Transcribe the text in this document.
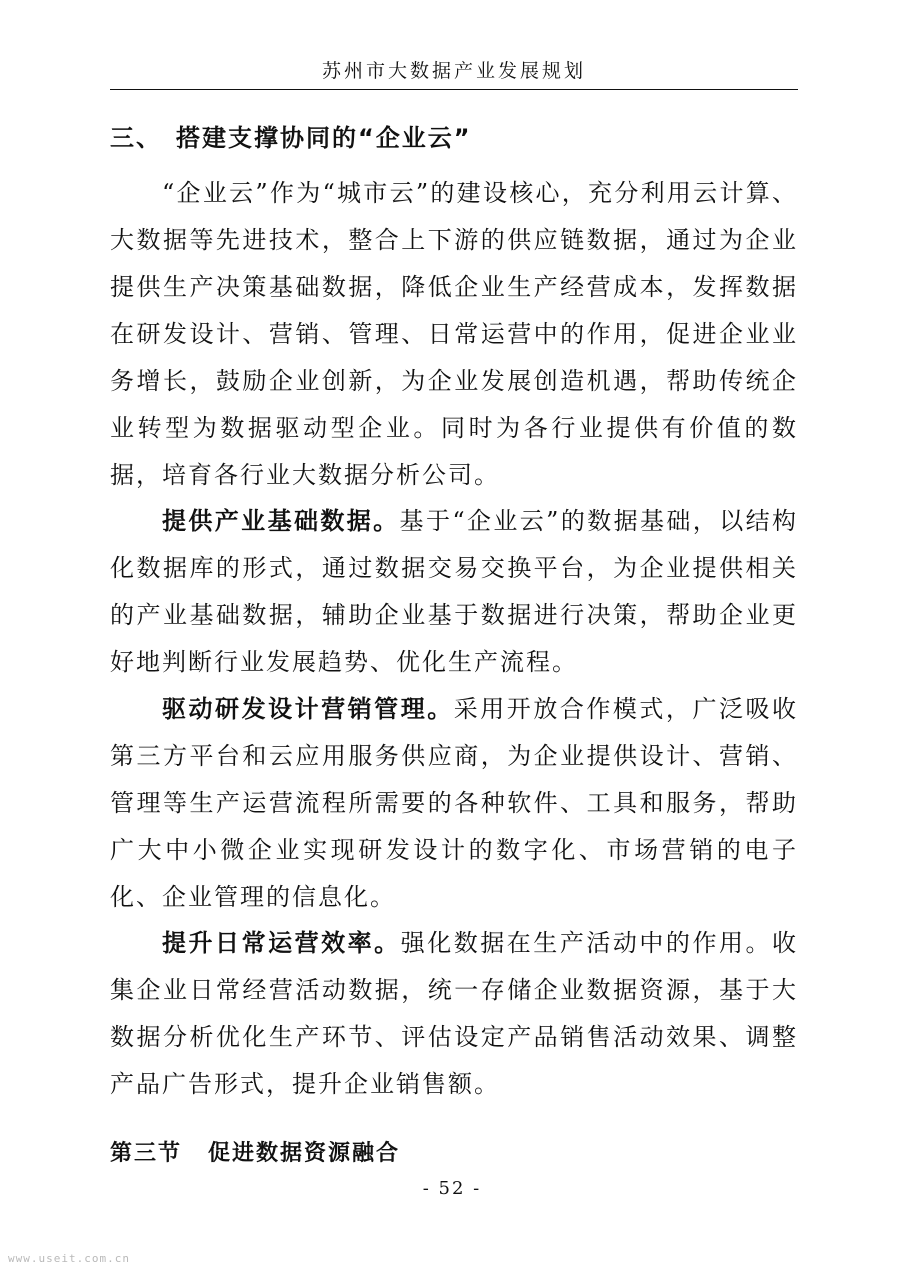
苏州市大数据产业发展规划
三、 搭建支撑协同的“企业云”

“企业云”作为“城市云”的建设核心，充分利用云计算、大数据等先进技术，整合上下游的供应链数据，通过为企业提供生产决策基础数据，降低企业生产经营成本，发挥数据在研发设计、营销、管理、日常运营中的作用，促进企业业务增长，鼓励企业创新，为企业发展创造机遇，帮助传统企业转型为数据驱动型企业。同时为各行业提供有价值的数据，培育各行业大数据分析公司。

提供产业基础数据。基于“企业云”的数据基础，以结构化数据库的形式，通过数据交易交换平台，为企业提供相关的产业基础数据，辅助企业基于数据进行决策，帮助企业更好地判断行业发展趋势、优化生产流程。

驱动研发设计营销管理。采用开放合作模式，广泛吸收第三方平台和云应用服务供应商，为企业提供设计、营销、管理等生产运营流程所需要的各种软件、工具和服务，帮助广大中小微企业实现研发设计的数字化、市场营销的电子化、企业管理的信息化。

提升日常运营效率。强化数据在生产活动中的作用。收集企业日常经营活动数据，统一存储企业数据资源，基于大数据分析优化生产环节、评估设定产品销售活动效果、调整产品广告形式，提升企业销售额。

第三节 促进数据资源融合
- 52 -
www.useit.com.cn
